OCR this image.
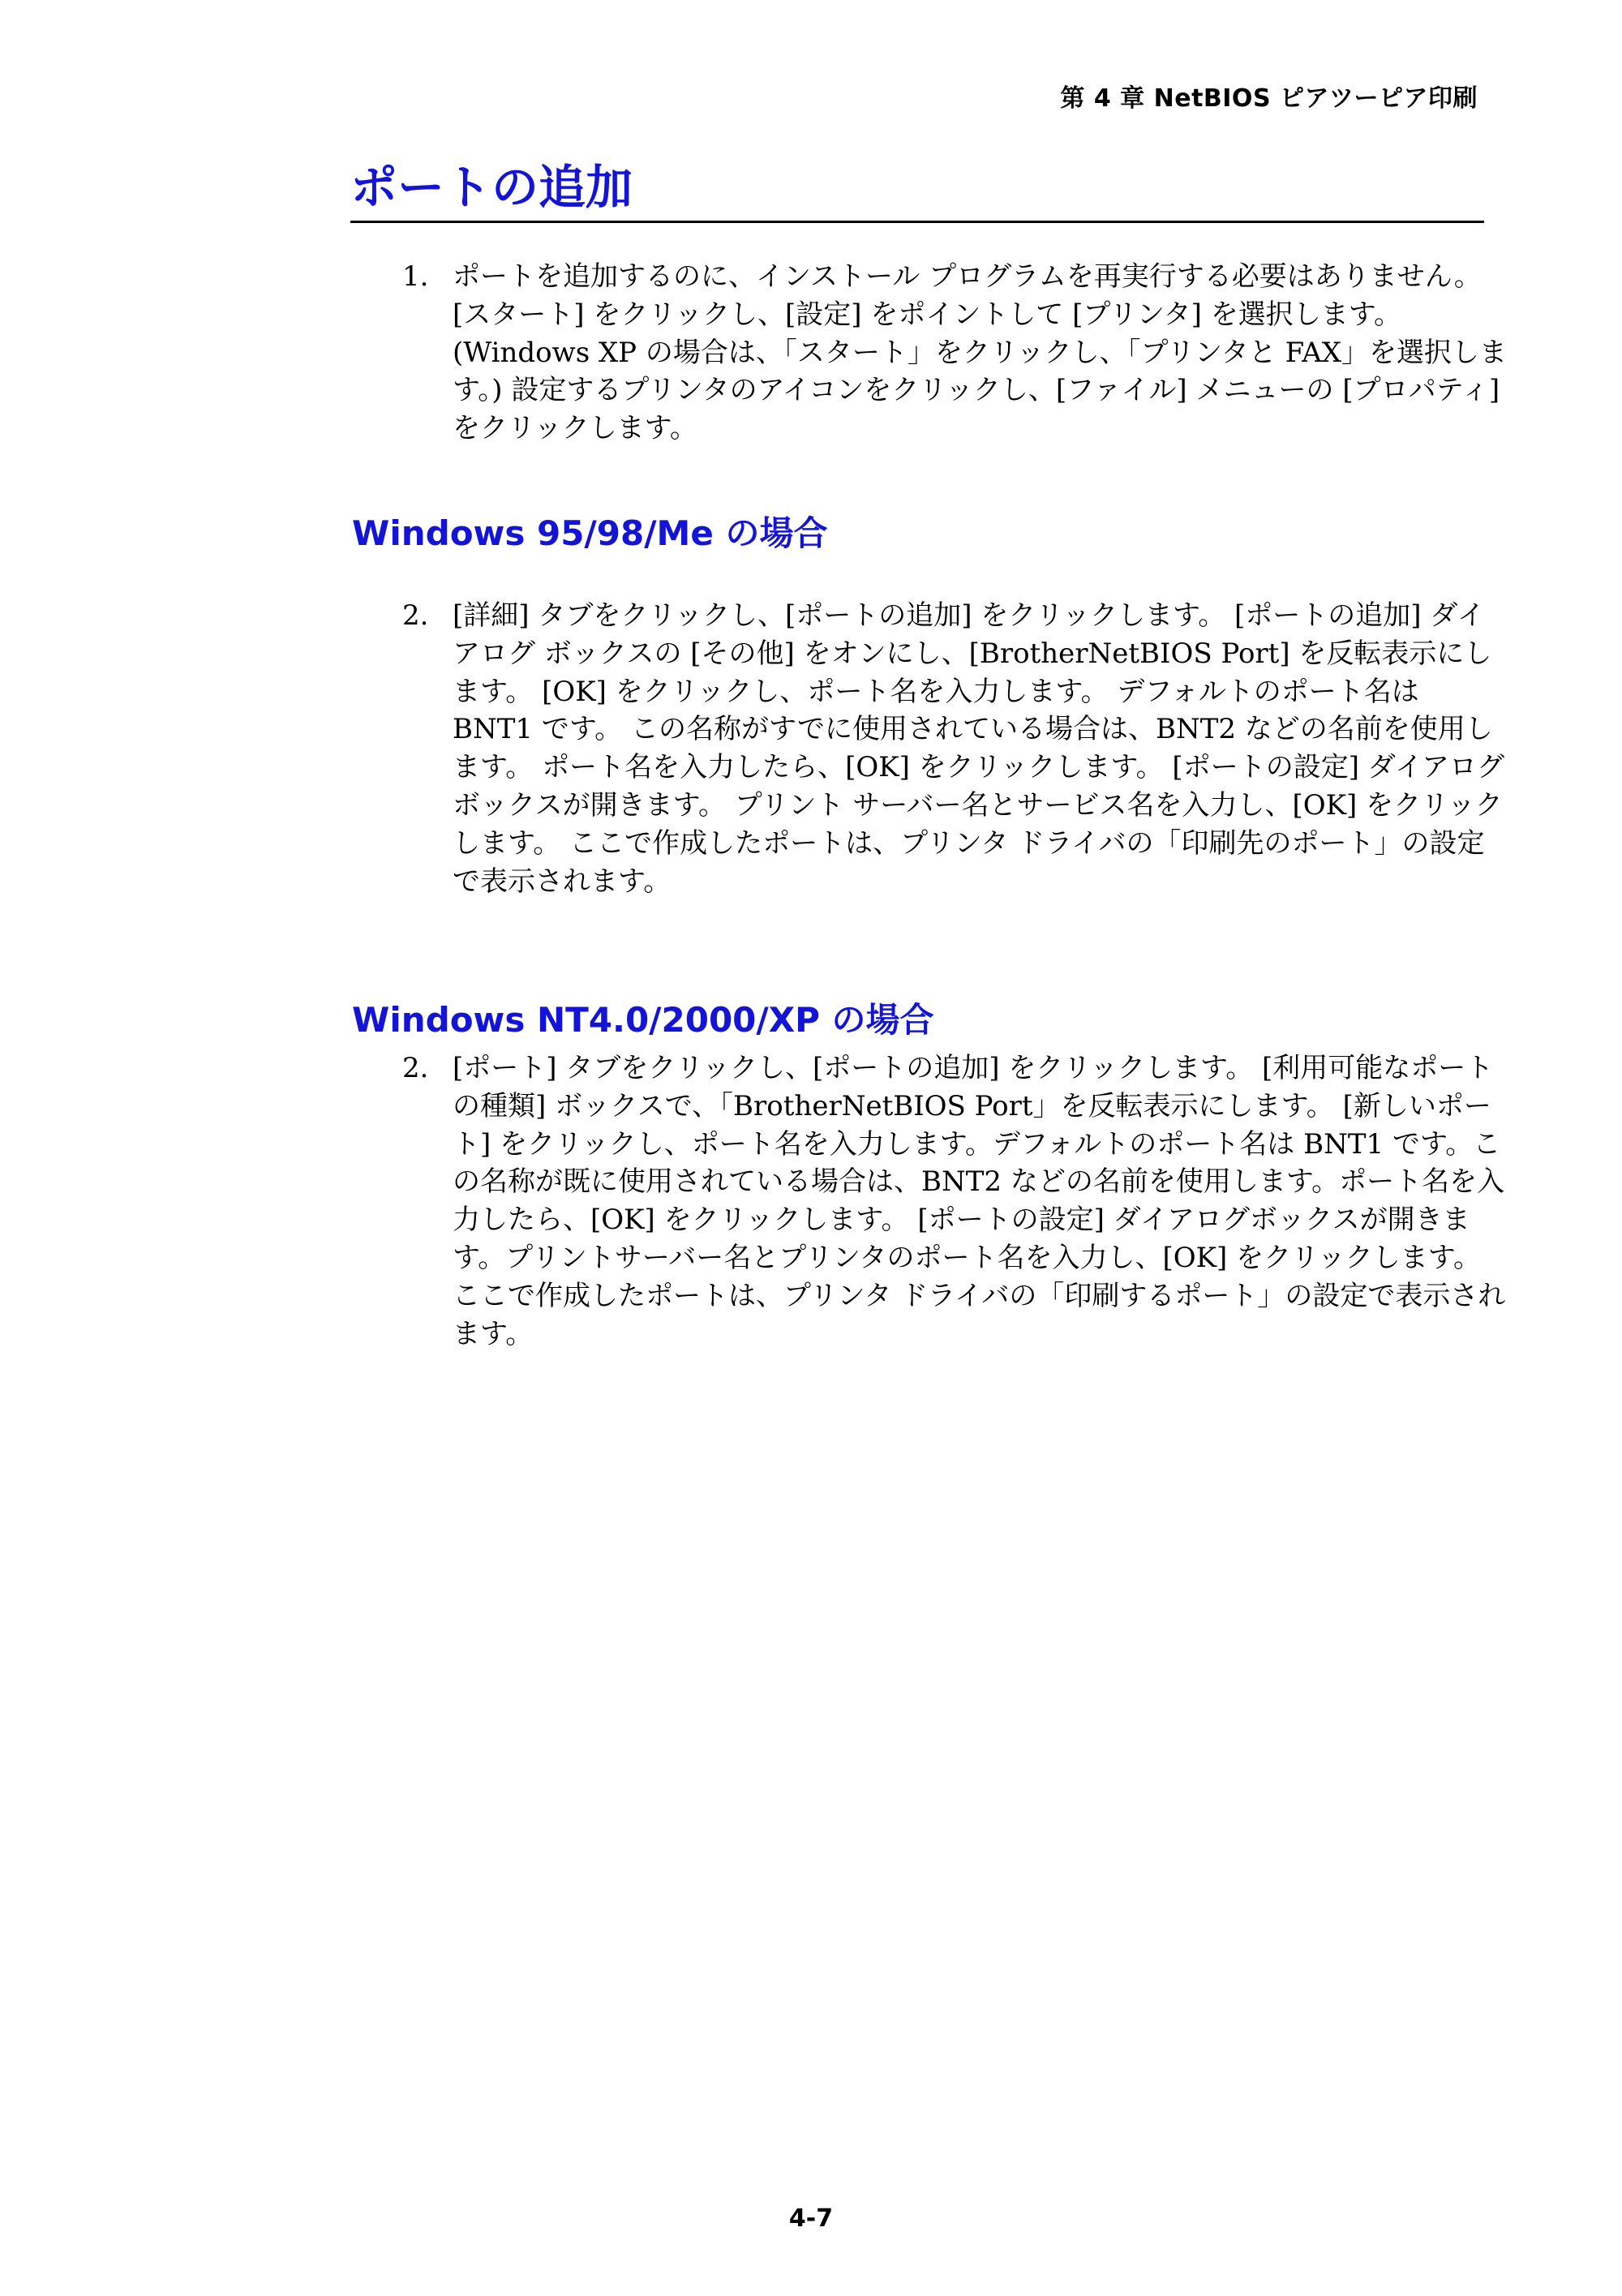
第 4 章 NetBIOS ピアツーピア印刷
ポートの追加
1. ポートを追加するのに、インストール プログラムを再実行する必要はありません。 [スタート] をクリックし、[設定] をポイントして [プリンタ] を選択します。(Windows XP の場合は、「スタート」をクリックし、「プリンタと FAX」を選択します。) 設定するプリンタのアイコンをクリックし、[ファイル] メニューの [プロパティ] をクリックします。
Windows 95/98/Me の場合
2. [詳細] タブをクリックし、[ポートの追加] をクリックします。 [ポートの追加] ダイアログ ボックスの [その他] をオンにし、[BrotherNetBIOS Port] を反転表示にします。 [OK] をクリックし、ポート名を入力します。 デフォルトのポート名は BNT1 です。 この名称がすでに使用されている場合は、BNT2 などの名前を使用します。 ポート名を入力したら、[OK] をクリックします。 [ポートの設定] ダイアログ ボックスが開きます。 プリント サーバー名とサービス名を入力し、[OK] をクリックします。 ここで作成したポートは、プリンタ ドライバの「印刷先のポート」の設定で表示されます。
Windows NT4.0/2000/XP の場合
2. [ポート] タブをクリックし、[ポートの追加] をクリックします。 [利用可能なポートの種類] ボックスで、「BrotherNetBIOS Port」を反転表示にします。 [新しいポート] をクリックし、ポート名を入力します。デフォルトのポート名は BNT1 です。この名称が既に使用されている場合は、BNT2 などの名前を使用します。ポート名を入力したら、[OK] をクリックします。 [ポートの設定] ダイアログボックスが開きます。プリントサーバー名とプリンタのポート名を入力し、[OK] をクリックします。ここで作成したポートは、プリンタ ドライバの「印刷するポート」の設定で表示されます。
4-7
